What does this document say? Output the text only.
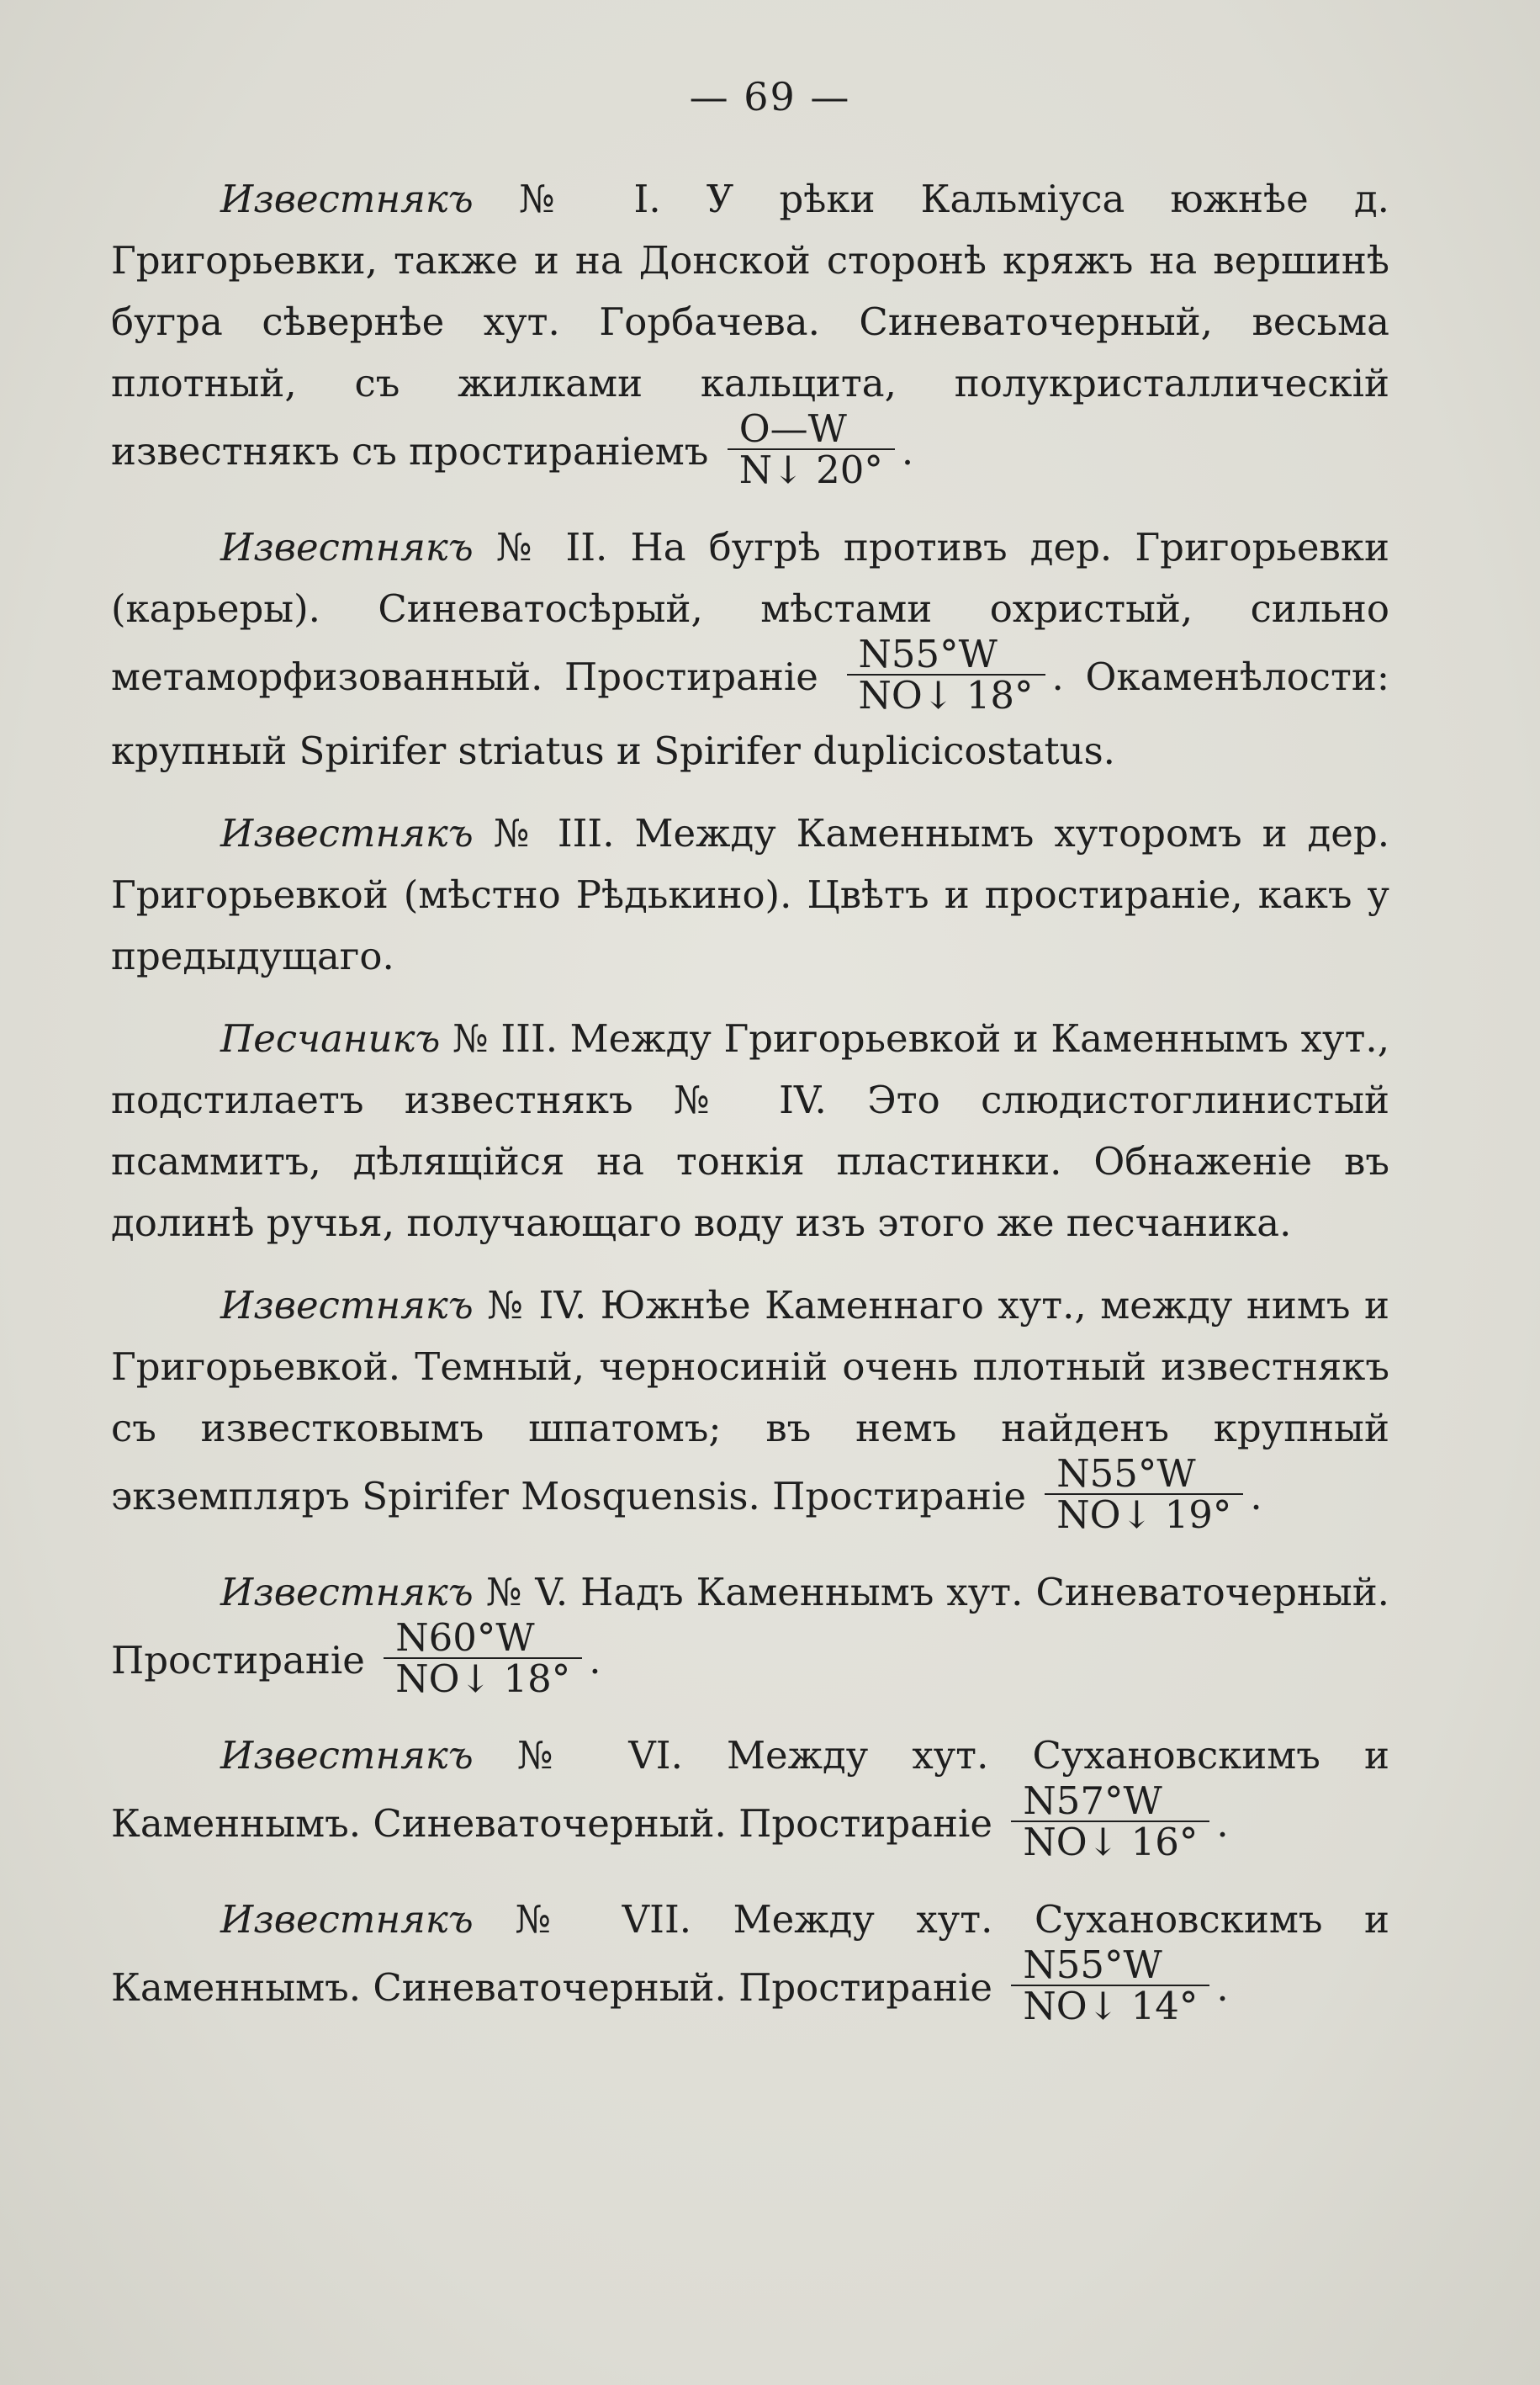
— 69 —

Известнякъ № I. У рѣки Кальміуса южнѣе д. Григорьевки, также и на Донской сторонѣ кряжъ на вершинѣ бугра сѣвернѣе хут. Горбачева. Синеваточерный, весьма плотный, съ жилками кальцита, полукристаллическій известнякъ съ простираніемъ $\frac{O—W}{N↓ 20^\circ}$ .

Известнякъ № II. На бугрѣ противъ дер. Григорьевки (карьеры). Синеватосѣрый, мѣстами охристый, сильно метаморфизованный. Простираніе $\frac{N55^\circ W}{NO↓ 18^\circ}$ . Окаменѣлости: крупный Spirifer striatus и Spirifer duplicicostatus.

Известнякъ № III. Между Каменнымъ хуторомъ и дер. Григорьевкой (мѣстно Рѣдькино). Цвѣтъ и простираніе, какъ у предыдущаго.

Песчаникъ № III. Между Григорьевкой и Каменнымъ хут., подстилаетъ известнякъ № IV. Это слюдистоглинистый псаммитъ, дѣлящійся на тонкія пластинки. Обнаженіе въ долинѣ ручья, получающаго воду изъ этого же песчаника.

Известнякъ № IV. Южнѣе Каменнаго хут., между нимъ и Григорьевкой. Темный, черносиній очень плотный известнякъ съ известковымъ шпатомъ; въ немъ найденъ крупный экземпляръ Spirifer Mosquensis. Простираніе $\frac{N55^\circ W}{NO↓ 19^\circ}$ .

Известнякъ № V. Надъ Каменнымъ хут. Синеваточерный. Простираніе $\frac{N60^\circ W}{NO↓ 18^\circ}$ .

Известнякъ № VI. Между хут. Сухановскимъ и Каменнымъ. Синеваточерный. Простираніе $\frac{N57^\circ W}{NO↓ 16^\circ}$ .

Известнякъ № VII. Между хут. Сухановскимъ и Каменнымъ. Синеваточерный. Простираніе $\frac{N55^\circ W}{NO↓ 14^\circ}$ .
